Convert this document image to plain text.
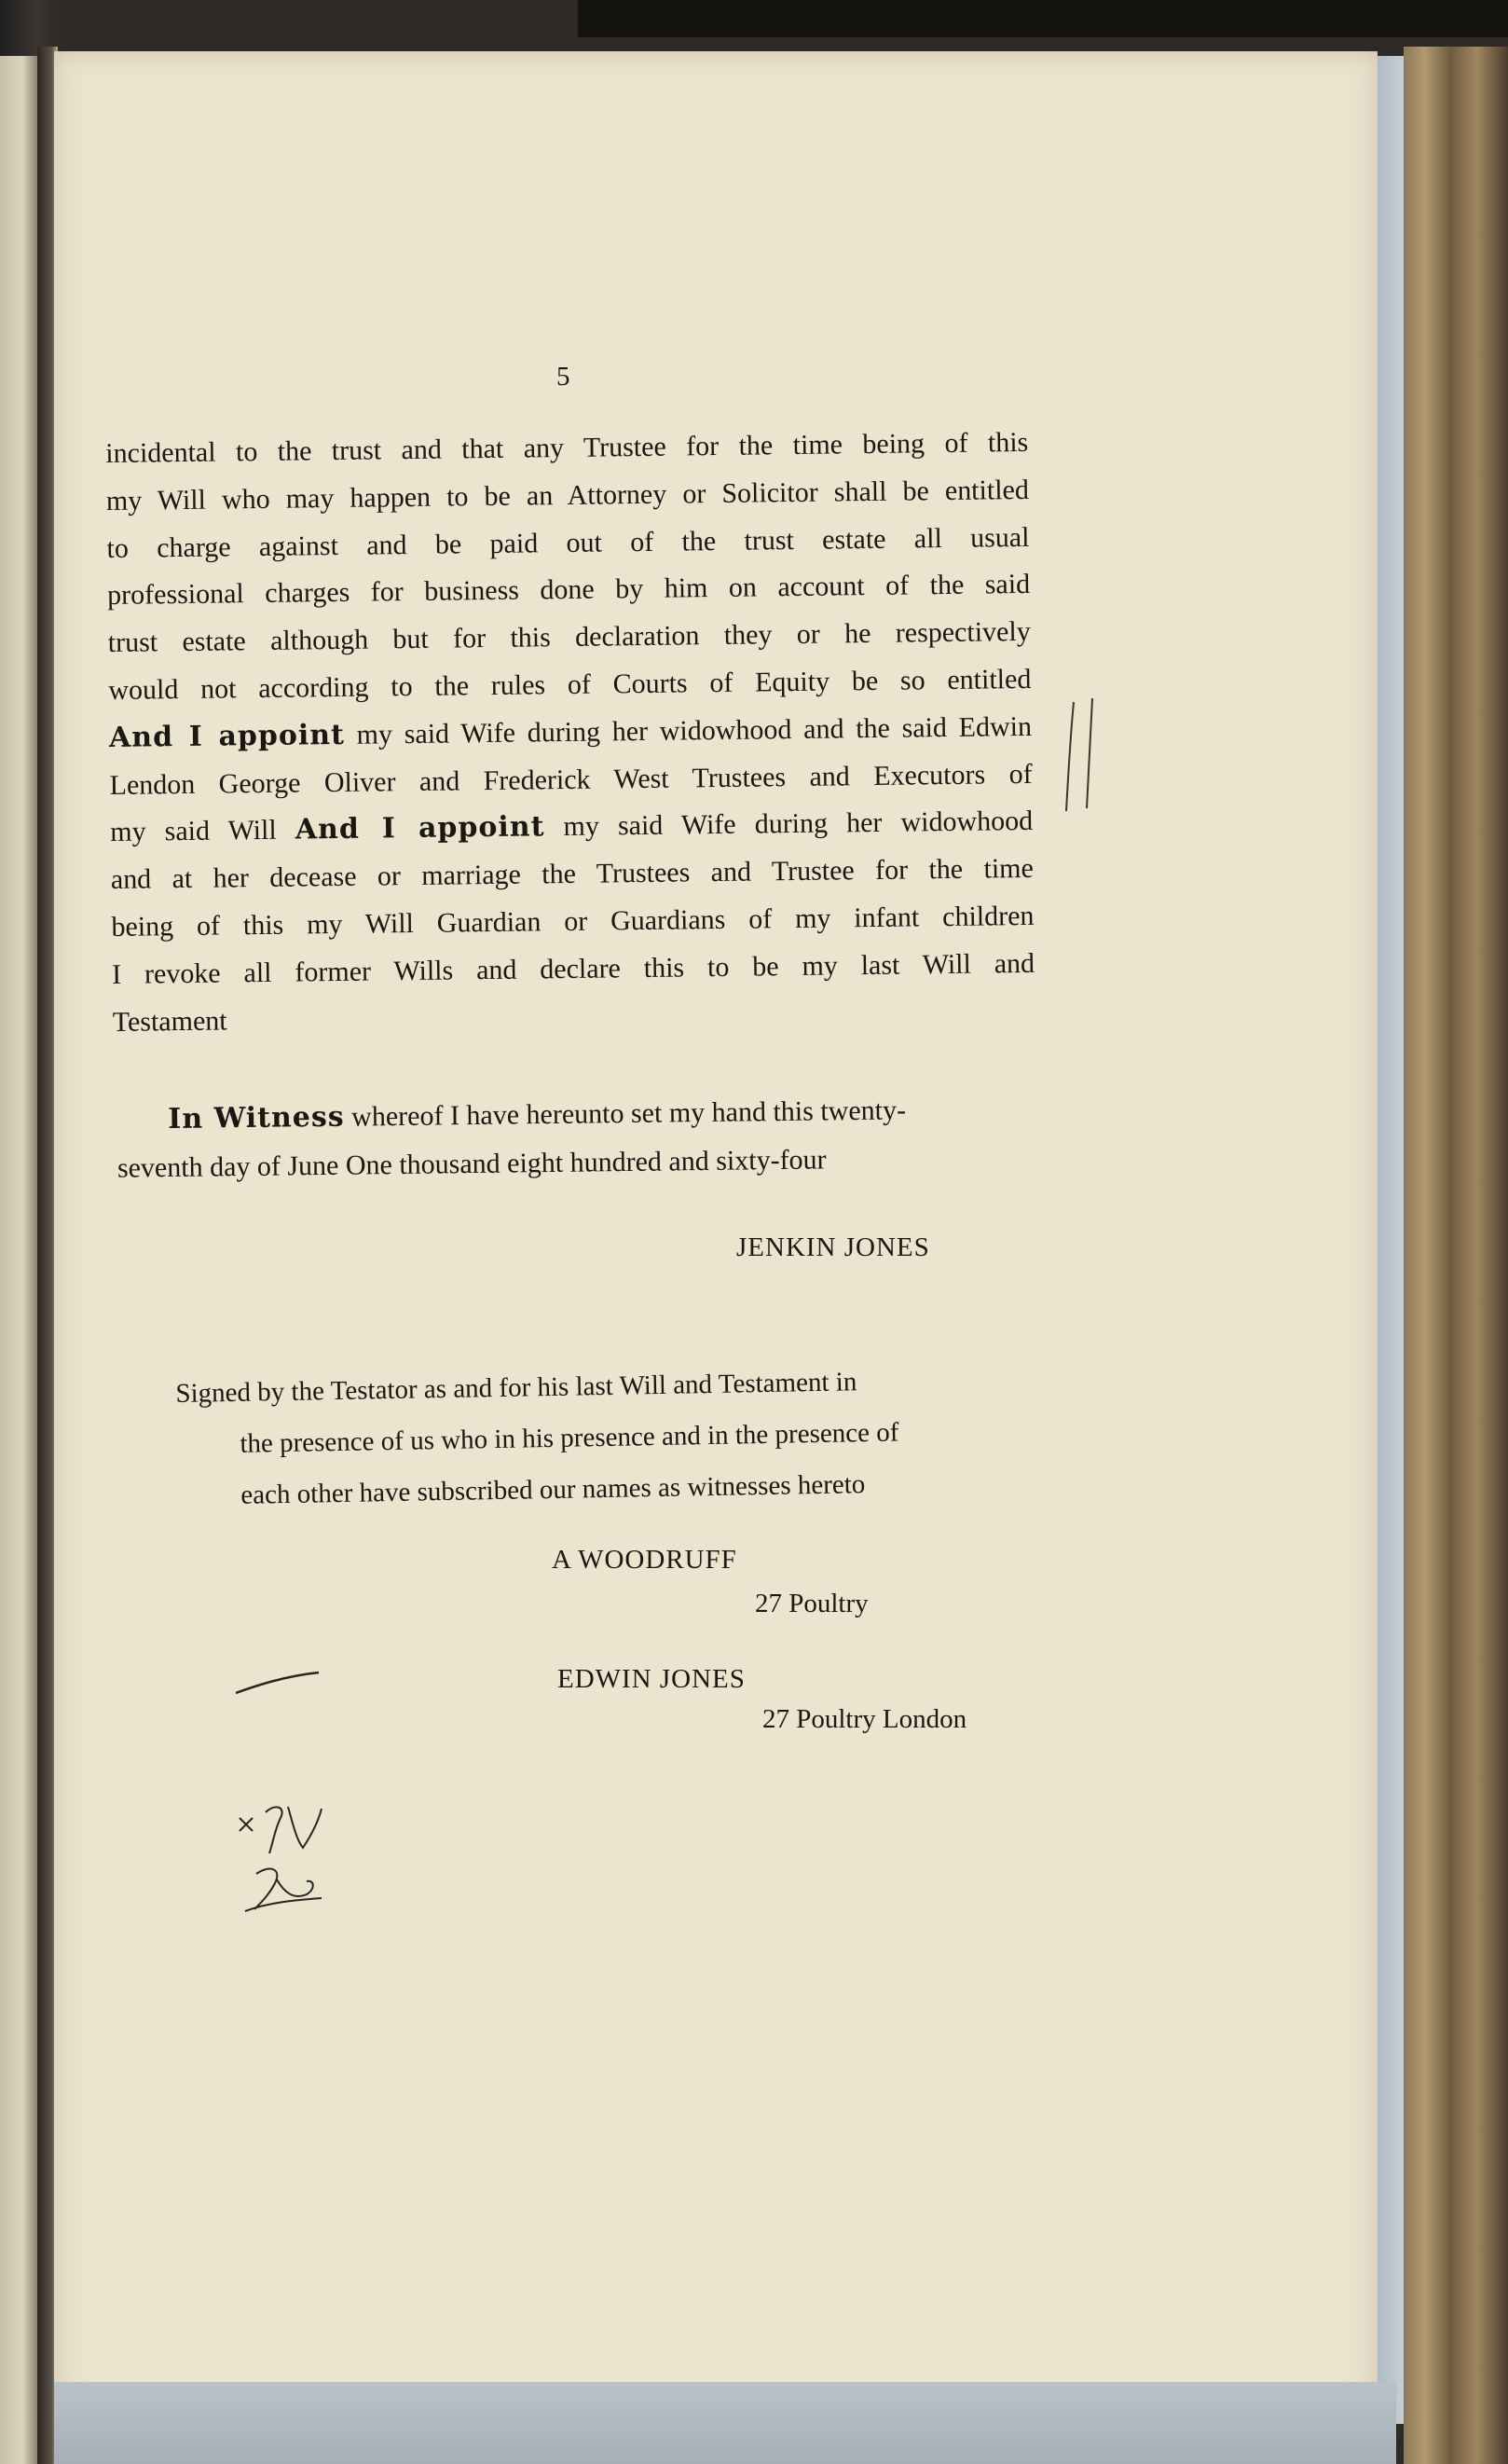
5
incidental to the trust and that any Trustee for the time being of this
my Will who may happen to be an Attorney or Solicitor shall be entitled
to charge against and be paid out of the trust estate all usual
professional charges for business done by him on account of the said
trust estate although but for this declaration they or he respectively
would not according to the rules of Courts of Equity be so entitled
And I appoint my said Wife during her widowhood and the said Edwin
Lendon George Oliver and Frederick West Trustees and Executors of
my said Will And I appoint my said Wife during her widowhood
and at her decease or marriage the Trustees and Trustee for the time
being of this my Will Guardian or Guardians of my infant children
I revoke all former Wills and declare this to be my last Will and
Testament
In Witness whereof I have hereunto set my hand this twenty-
seventh day of June One thousand eight hundred and sixty-four
JENKIN JONES
Signed by the Testator as and for his last Will and Testament in
the presence of us who in his presence and in the presence of
each other have subscribed our names as witnesses hereto
A WOODRUFF
27 Poultry
EDWIN JONES
27 Poultry London
